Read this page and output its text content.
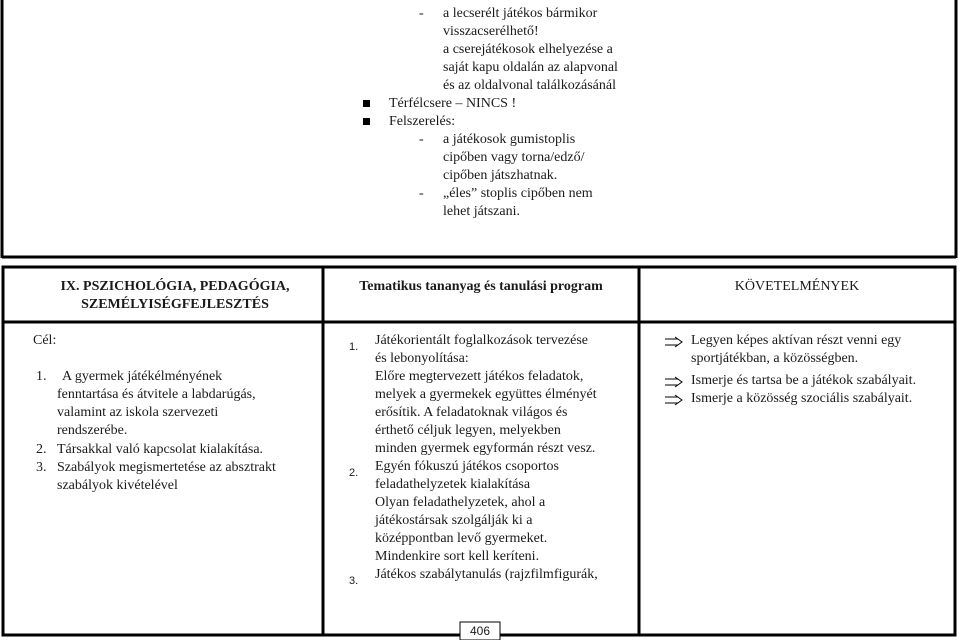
- a lecserélt játékos bármikor
visszacserélhető!
a cserejátékosok elhelyezése a
saját kapu oldalán az alapvonal
és az oldalvonal találkozásánál
Térfélcsere – NINCS !
Felszerelés:
- a játékosok gumistoplis
cipőben vagy torna/edző/
cipőben játszhatnak.
- „éles” stoplis cipőben nem
lehet játszani.
IX. PSZICHOLÓGIA, PEDAGÓGIA,
SZEMÉLYISÉGFEJLESZTÉS
Tematikus tananyag és tanulási program	KÖVETELMÉNYEK
Cél:
1. A gyermek játékélményének
fenntartása és átvitele a labdarúgás,
valamint az iskola szervezeti
rendszerébe.
2. Társakkal való kapcsolat kialakítása.
3. Szabályok megismertetése az absztrakt
szabályok kivételével
1. Játékorientált foglalkozások tervezése
és lebonyolítása:
Előre megtervezett játékos feladatok,
melyek a gyermekek együttes élményét
erősítik. A feladatoknak világos és
érthető céljuk legyen, melyekben
minden gyermek egyformán részt vesz.
2. Egyén fókuszú játékos csoportos
feladathelyzetek kialakítása
Olyan feladathelyzetek, ahol a
játékostársak szolgálják ki a
középpontban levő gyermeket.
Mindenkire sort kell keríteni.
3. Játékos szabálytanulás (rajzfilmfigurák,
Legyen képes aktívan részt venni egy
sportjátékban, a közösségben.
Ismerje és tartsa be a játékok szabályait.
Ismerje a közösség szociális szabályait.
406
